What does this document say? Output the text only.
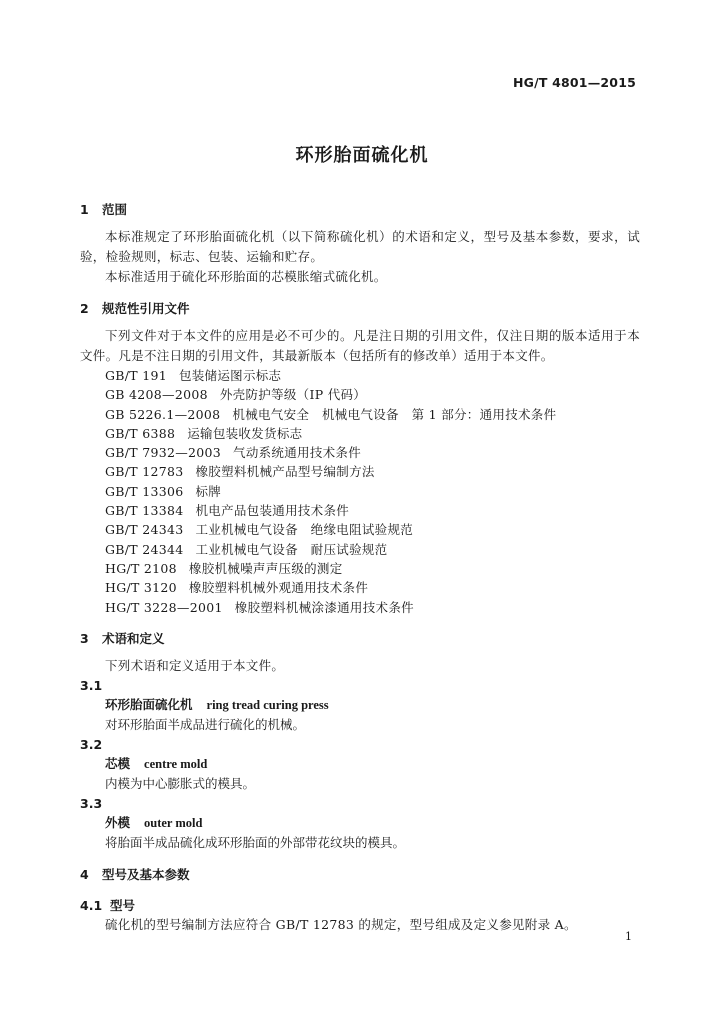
HG/T 4801—2015
环形胎面硫化机
1 范围

本标准规定了环形胎面硫化机（以下简称硫化机）的术语和定义，型号及基本参数，要求，试验，检验规则，标志、包装、运输和贮存。

本标准适用于硫化环形胎面的芯模胀缩式硫化机。

2 规范性引用文件

下列文件对于本文件的应用是必不可少的。凡是注日期的引用文件，仅注日期的版本适用于本文件。凡是不注日期的引用文件，其最新版本（包括所有的修改单）适用于本文件。

GB/T 191 包装储运图示标志
GB 4208—2008 外壳防护等级（IP 代码）
GB 5226.1—2008 机械电气安全　机械电气设备　第 1 部分：通用技术条件
GB/T 6388 运输包装收发货标志
GB/T 7932—2003 气动系统通用技术条件
GB/T 12783 橡胶塑料机械产品型号编制方法
GB/T 13306 标牌
GB/T 13384 机电产品包装通用技术条件
GB/T 24343 工业机械电气设备　绝缘电阻试验规范
GB/T 24344 工业机械电气设备　耐压试验规范
HG/T 2108 橡胶机械噪声声压级的测定
HG/T 3120 橡胶塑料机械外观通用技术条件
HG/T 3228—2001 橡胶塑料机械涂漆通用技术条件
3 术语和定义

下列术语和定义适用于本文件。

3.1

环形胎面硫化机 ring tread curing press

对环形胎面半成品进行硫化的机械。

3.2

芯模 centre mold

内模为中心膨胀式的模具。

3.3

外模 outer mold

将胎面半成品硫化成环形胎面的外部带花纹块的模具。

4 型号及基本参数
4.1 型号

硫化机的型号编制方法应符合 GB/T 12783 的规定，型号组成及定义参见附录 A。

1
